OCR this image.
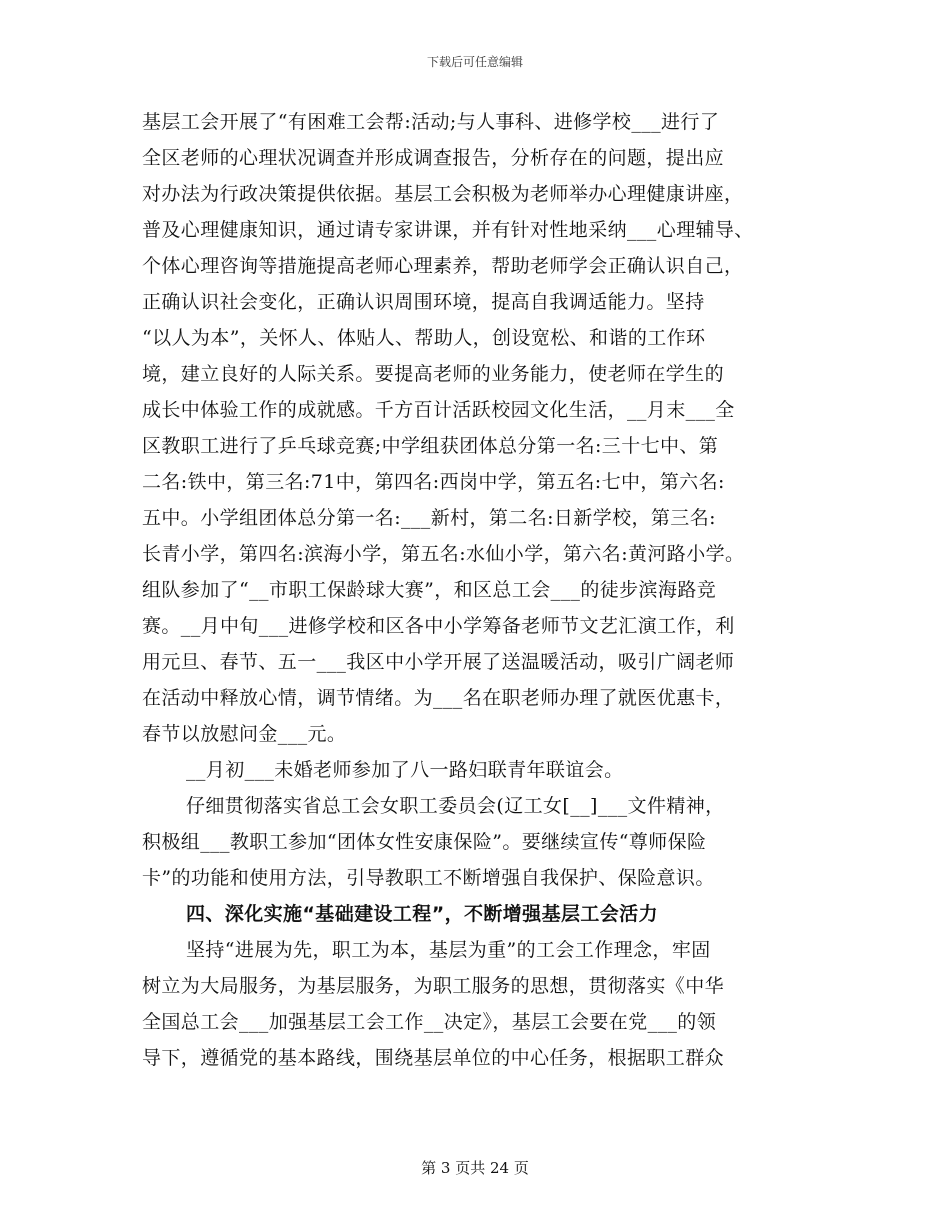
下载后可任意编辑
基层工会开展了“有困难工会帮:活动;与人事科、进修学校___进行了
全区老师的心理状况调查并形成调查报告，分析存在的问题，提出应
对办法为行政决策提供依据。基层工会积极为老师举办心理健康讲座，
普及心理健康知识，通过请专家讲课，并有针对性地采纳___心理辅导、
个体心理咨询等措施提高老师心理素养，帮助老师学会正确认识自己，
正确认识社会变化，正确认识周围环境，提高自我调适能力。坚持
“以人为本”，关怀人、体贴人、帮助人，创设宽松、和谐的工作环
境，建立良好的人际关系。要提高老师的业务能力，使老师在学生的
成长中体验工作的成就感。千方百计活跃校园文化生活，__月末___全
区教职工进行了乒乓球竞赛;中学组获团体总分第一名:三十七中、第
二名:铁中，第三名:71中，第四名:西岗中学，第五名:七中，第六名:
五中。小学组团体总分第一名:___新村，第二名:日新学校，第三名:
长青小学，第四名:滨海小学，第五名:水仙小学，第六名:黄河路小学。
组队参加了“__市职工保龄球大赛”，和区总工会___的徒步滨海路竞
赛。__月中旬___进修学校和区各中小学筹备老师节文艺汇演工作，利
用元旦、春节、五一___我区中小学开展了送温暖活动，吸引广阔老师
在活动中释放心情，调节情绪。为___名在职老师办理了就医优惠卡，
春节以放慰问金___元。
__月初___未婚老师参加了八一路妇联青年联谊会。
仔细贯彻落实省总工会女职工委员会(辽工女[__]___文件精神，
积极组___教职工参加“团体女性安康保险”。要继续宣传“尊师保险
卡”的功能和使用方法，引导教职工不断增强自我保护、保险意识。
四、深化实施“基础建设工程”，不断增强基层工会活力
坚持“进展为先，职工为本，基层为重”的工会工作理念，牢固
树立为大局服务，为基层服务，为职工服务的思想，贯彻落实《中华
全国总工会___加强基层工会工作__决定》，基层工会要在党___的领
导下，遵循党的基本路线，围绕基层单位的中心任务，根据职工群众
第 3 页共 24 页
